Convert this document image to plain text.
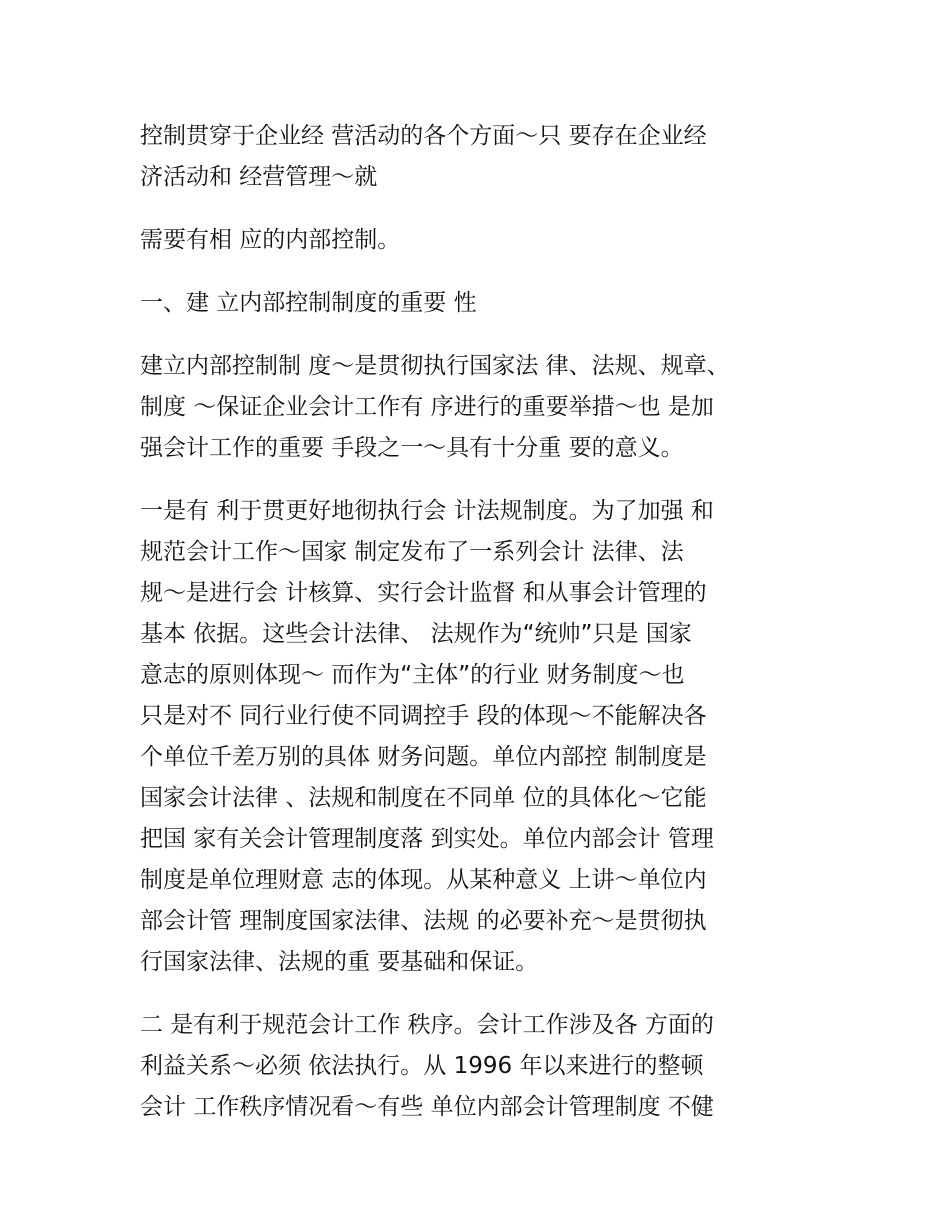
控制贯穿于企业经 营活动的各个方面～只 要存在企业经
济活动和 经营管理～就
需要有相 应的内部控制。
一、建 立内部控制制度的重要 性
建立内部控制制 度～是贯彻执行国家法 律、法规、规章、
制度 ～保证企业会计工作有 序进行的重要举措～也 是加
强会计工作的重要 手段之一～具有十分重 要的意义。
一是有 利于贯更好地彻执行会 计法规制度。为了加强 和
规范会计工作～国家 制定发布了一系列会计 法律、法
规～是进行会 计核算、实行会计监督 和从事会计管理的
基本 依据。这些会计法律、 法规作为“统帅”只是 国家
意志的原则体现～ 而作为“主体”的行业 财务制度～也
只是对不 同行业行使不同调控手 段的体现～不能解决各
个单位千差万别的具体 财务问题。单位内部控 制制度是
国家会计法律 、法规和制度在不同单 位的具体化～它能
把国 家有关会计管理制度落 到实处。单位内部会计 管理
制度是单位理财意 志的体现。从某种意义 上讲～单位内
部会计管 理制度国家法律、法规 的必要补充～是贯彻执
行国家法律、法规的重 要基础和保证。
二 是有利于规范会计工作 秩序。会计工作涉及各 方面的
利益关系～必须 依法执行。从 1996 年以来进行的整顿
会计 工作秩序情况看～有些 单位内部会计管理制度 不健
